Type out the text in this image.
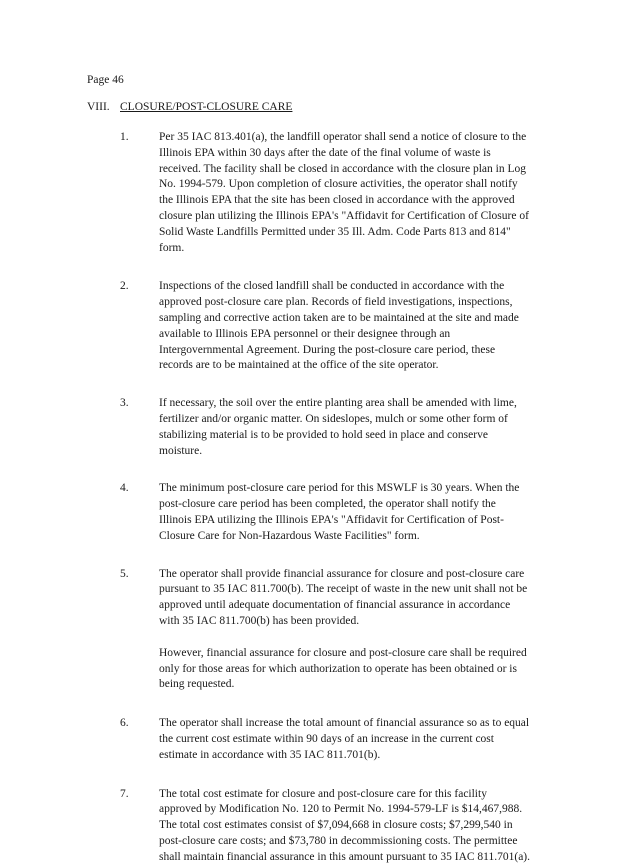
Page 46
VIII. CLOSURE/POST-CLOSURE CARE
1.	Per 35 IAC 813.401(a), the landfill operator shall send a notice of closure to the Illinois EPA within 30 days after the date of the final volume of waste is received. The facility shall be closed in accordance with the closure plan in Log No. 1994-579. Upon completion of closure activities, the operator shall notify the Illinois EPA that the site has been closed in accordance with the approved closure plan utilizing the Illinois EPA's "Affidavit for Certification of Closure of Solid Waste Landfills Permitted under 35 Ill. Adm. Code Parts 813 and 814" form.

2.	Inspections of the closed landfill shall be conducted in accordance with the approved post-closure care plan. Records of field investigations, inspections, sampling and corrective action taken are to be maintained at the site and made available to Illinois EPA personnel or their designee through an Intergovernmental Agreement. During the post-closure care period, these records are to be maintained at the office of the site operator.

3.	If necessary, the soil over the entire planting area shall be amended with lime, fertilizer and/or organic matter. On sideslopes, mulch or some other form of stabilizing material is to be provided to hold seed in place and conserve moisture.

4.	The minimum post-closure care period for this MSWLF is 30 years. When the post-closure care period has been completed, the operator shall notify the Illinois EPA utilizing the Illinois EPA's "Affidavit for Certification of Post-Closure Care for Non-Hazardous Waste Facilities" form.

5.	The operator shall provide financial assurance for closure and post-closure care pursuant to 35 IAC 811.700(b). The receipt of waste in the new unit shall not be approved until adequate documentation of financial assurance in accordance with 35 IAC 811.700(b) has been provided.

However, financial assurance for closure and post-closure care shall be required only for those areas for which authorization to operate has been obtained or is being requested.

6.	The operator shall increase the total amount of financial assurance so as to equal the current cost estimate within 90 days of an increase in the current cost estimate in accordance with 35 IAC 811.701(b).

7.	The total cost estimate for closure and post-closure care for this facility approved by Modification No. 120 to Permit No. 1994-579-LF is $14,467,988. The total cost estimates consist of $7,094,668 in closure costs; $7,299,540 in post-closure care costs; and $73,780 in decommissioning costs. The permittee shall maintain financial assurance in this amount pursuant to 35 IAC 811.701(a).
